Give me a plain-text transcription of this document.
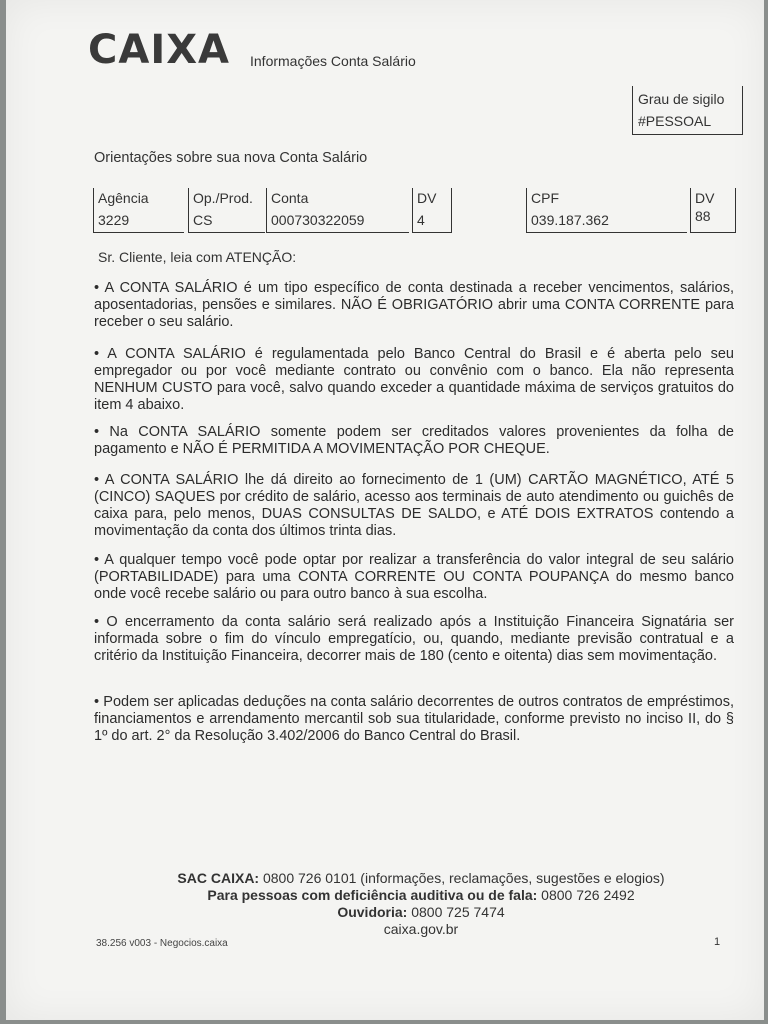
CAIXA Informações Conta Salário
Grau de sigilo
#PESSOAL
Orientações sobre sua nova Conta Salário
Agência
3229
Op./Prod.
CS
Conta
000730322059
DV
4
CPF
039.187.362
DV
88
Sr. Cliente, leia com ATENÇÃO:
• A CONTA SALÁRIO é um tipo específico de conta destinada a receber vencimentos, salários, aposentadorias, pensões e similares. NÃO É OBRIGATÓRIO abrir uma CONTA CORRENTE para receber o seu salário.
• A CONTA SALÁRIO é regulamentada pelo Banco Central do Brasil e é aberta pelo seu empregador ou por você mediante contrato ou convênio com o banco. Ela não representa NENHUM CUSTO para você, salvo quando exceder a quantidade máxima de serviços gratuitos do item 4 abaixo.
• Na CONTA SALÁRIO somente podem ser creditados valores provenientes da folha de pagamento e NÃO É PERMITIDA A MOVIMENTAÇÃO POR CHEQUE.
• A CONTA SALÁRIO lhe dá direito ao fornecimento de 1 (UM) CARTÃO MAGNÉTICO, ATÉ 5 (CINCO) SAQUES por crédito de salário, acesso aos terminais de auto atendimento ou guichês de caixa para, pelo menos, DUAS CONSULTAS DE SALDO, e ATÉ DOIS EXTRATOS contendo a movimentação da conta dos últimos trinta dias.
• A qualquer tempo você pode optar por realizar a transferência do valor integral de seu salário (PORTABILIDADE) para uma CONTA CORRENTE OU CONTA POUPANÇA do mesmo banco onde você recebe salário ou para outro banco à sua escolha.
• O encerramento da conta salário será realizado após a Instituição Financeira Signatária ser informada sobre o fim do vínculo empregatício, ou, quando, mediante previsão contratual e a critério da Instituição Financeira, decorrer mais de 180 (cento e oitenta) dias sem movimentação.
• Podem ser aplicadas deduções na conta salário decorrentes de outros contratos de empréstimos, financiamentos e arrendamento mercantil sob sua titularidade, conforme previsto no inciso II, do § 1º do art. 2° da Resolução 3.402/2006 do Banco Central do Brasil.
SAC CAIXA: 0800 726 0101 (informações, reclamações, sugestões e elogios)
Para pessoas com deficiência auditiva ou de fala: 0800 726 2492
Ouvidoria: 0800 725 7474
caixa.gov.br
38.256 v003 - Negocios.caixa	1
